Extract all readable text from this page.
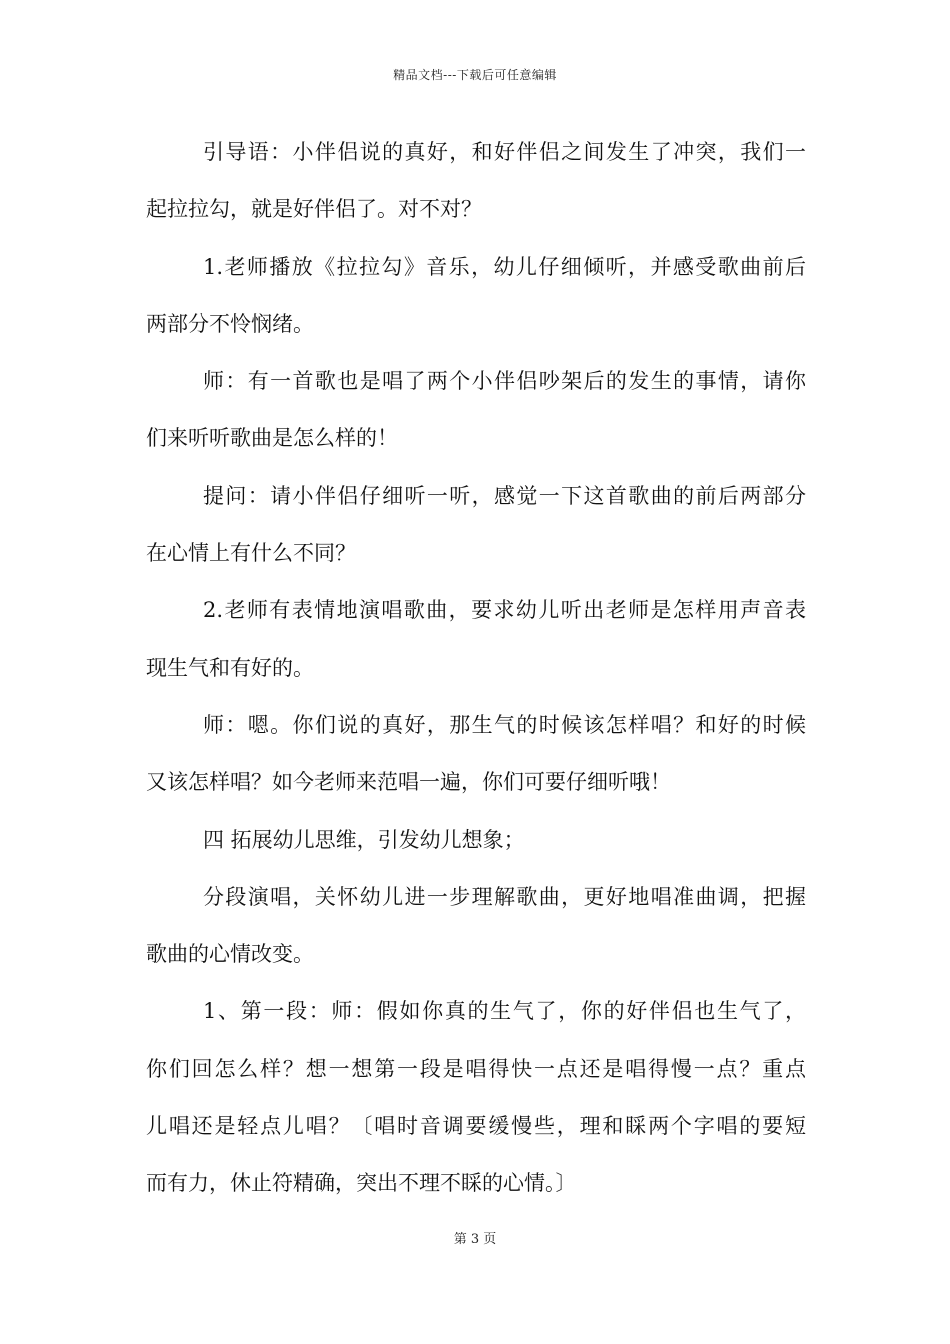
精品文档---下载后可任意编辑
引导语：小伴侣说的真好，和好伴侣之间发生了冲突，我们一
起拉拉勾，就是好伴侣了。对不对？
1.老师播放《拉拉勾》音乐，幼儿仔细倾听，并感受歌曲前后
两部分不怜悯绪。
师：有一首歌也是唱了两个小伴侣吵架后的发生的事情，请你
们来听听歌曲是怎么样的！
提问：请小伴侣仔细听一听，感觉一下这首歌曲的前后两部分
在心情上有什么不同？
2.老师有表情地演唱歌曲，要求幼儿听出老师是怎样用声音表
现生气和有好的。
师：嗯。你们说的真好，那生气的时候该怎样唱？和好的时候
又该怎样唱？如今老师来范唱一遍，你们可要仔细听哦！
四 拓展幼儿思维，引发幼儿想象；
分段演唱，关怀幼儿进一步理解歌曲，更好地唱准曲调，把握
歌曲的心情改变。
1、第一段：师：假如你真的生气了，你的好伴侣也生气了，
你们回怎么样？想一想第一段是唱得快一点还是唱得慢一点？重点
儿唱还是轻点儿唱？〔唱时音调要缓慢些，理和睬两个字唱的要短
而有力，休止符精确，突出不理不睬的心情。〕
第 3 页
